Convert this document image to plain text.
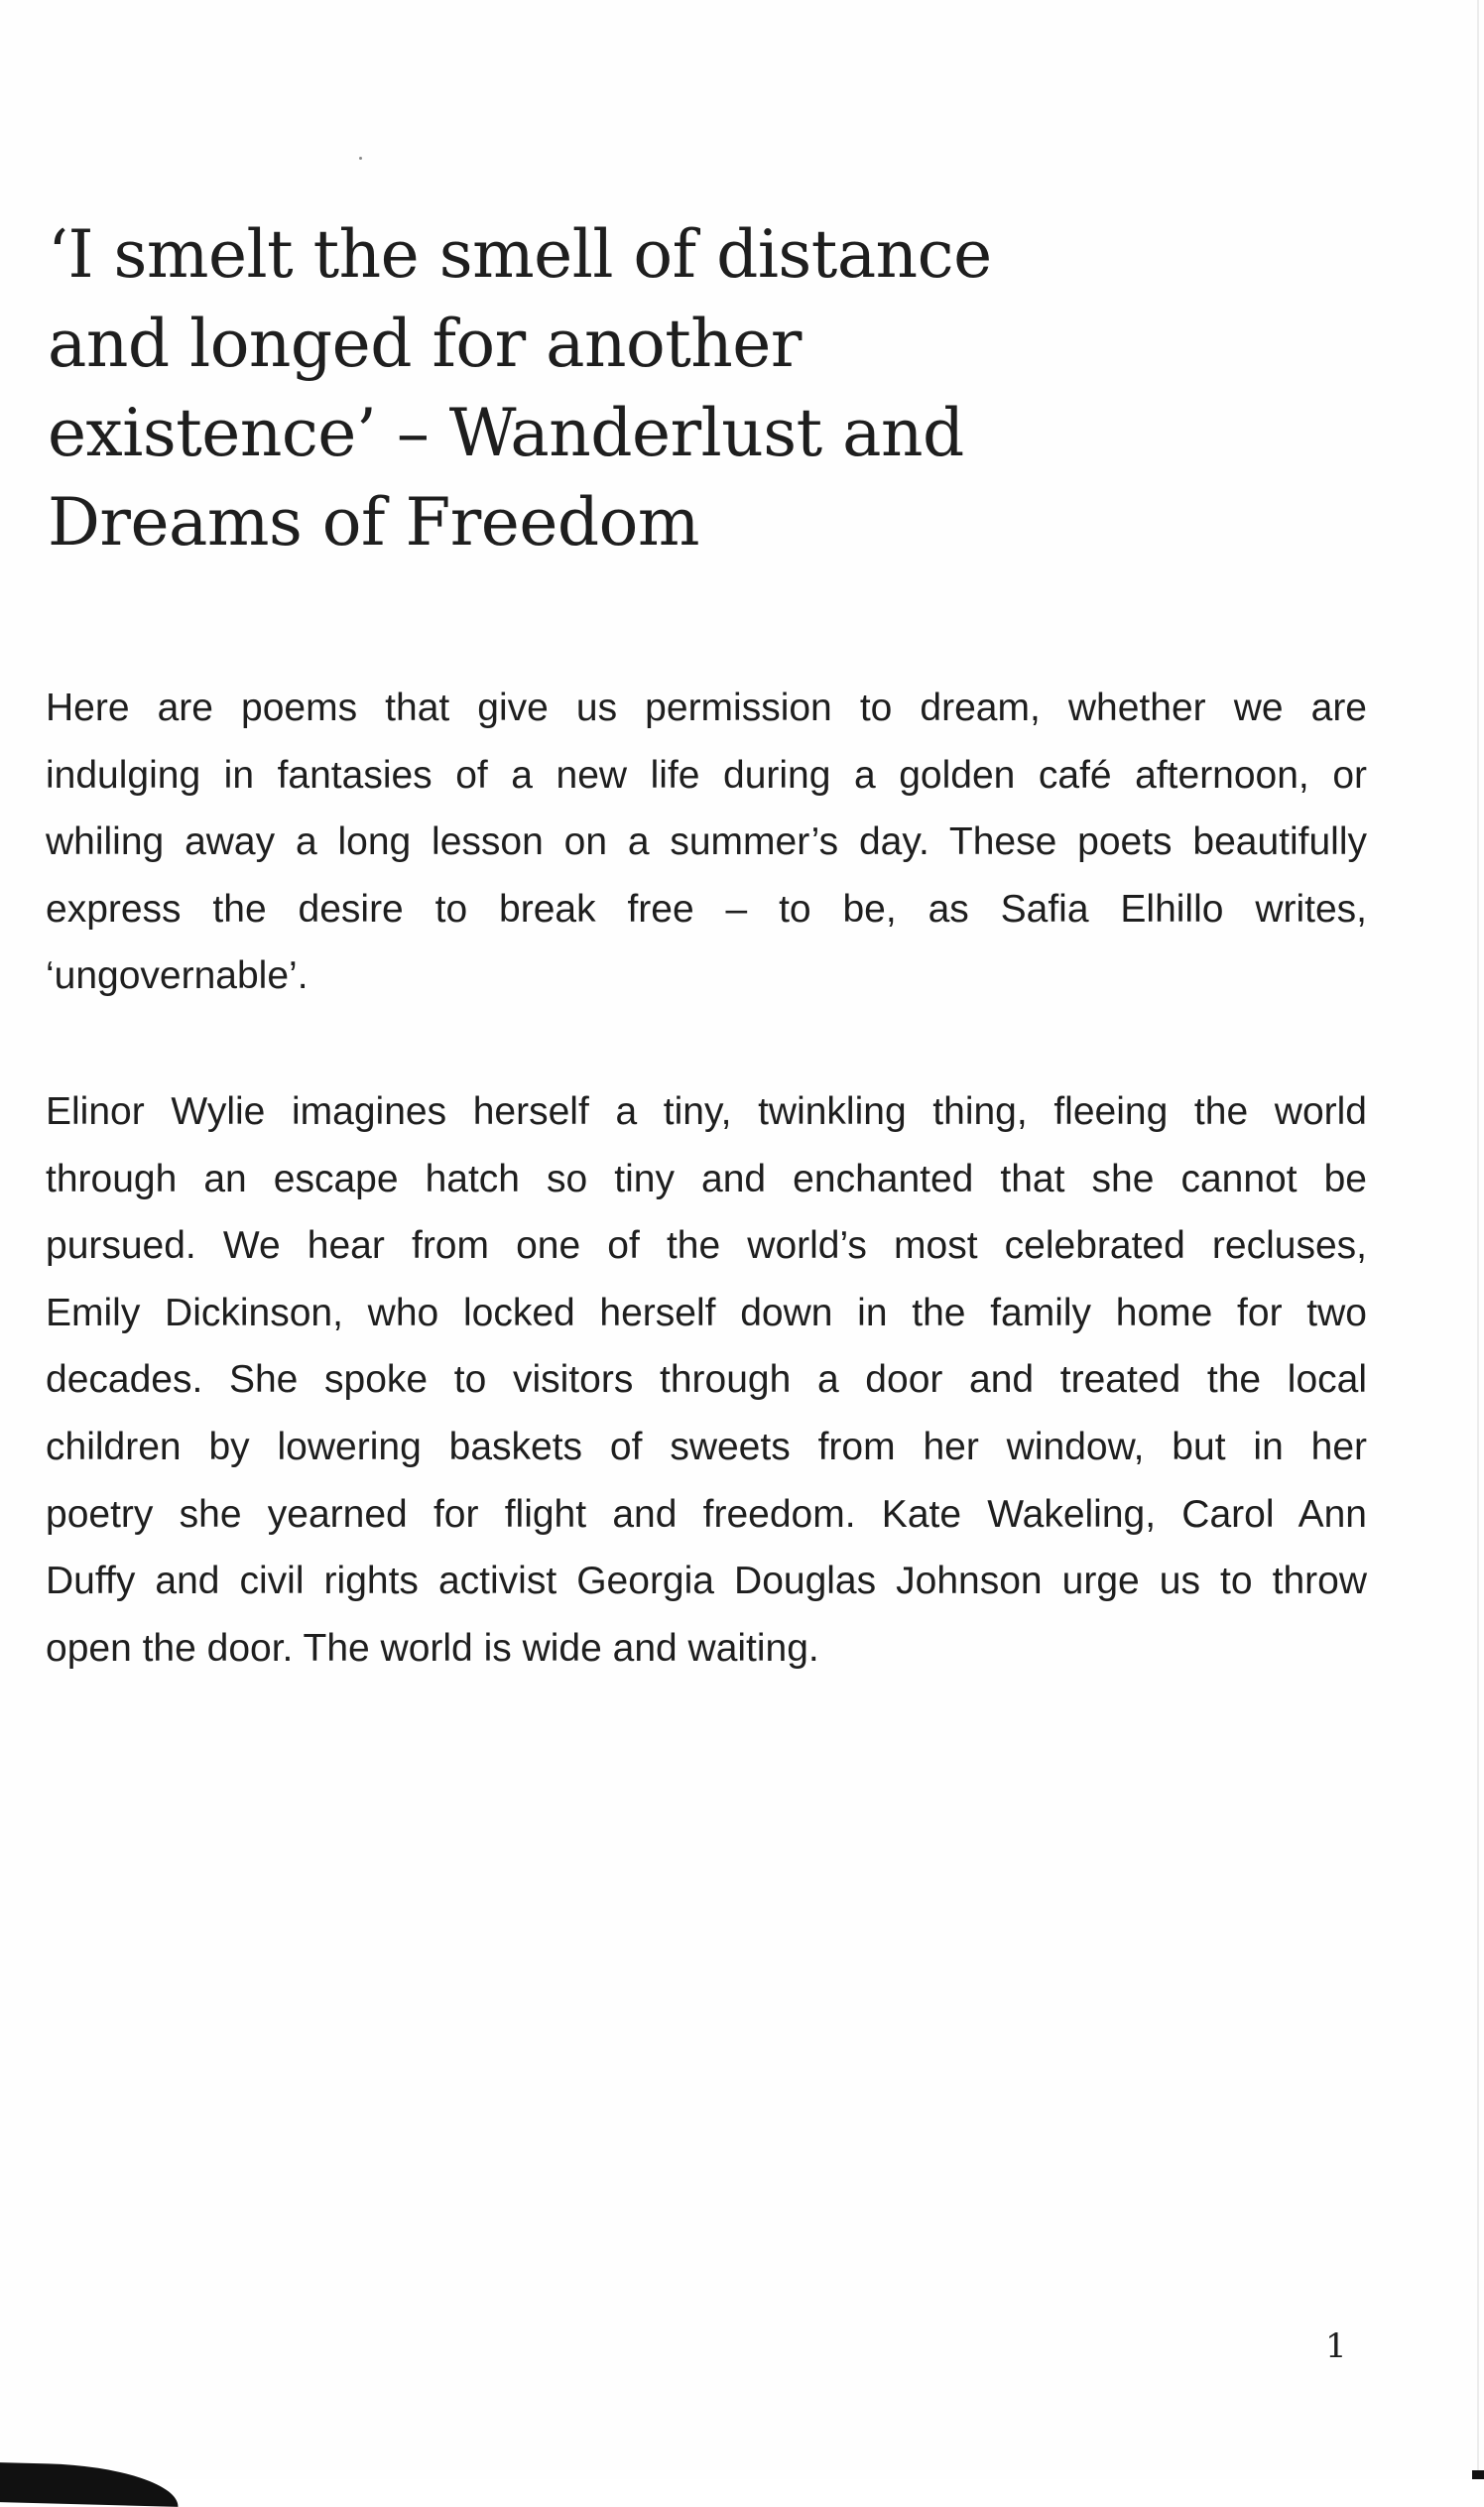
‘I smelt the smell of distance
and longed for another
existence’ – Wanderlust and
Dreams of Freedom
Here are poems that give us permission to dream, whether we are
indulging in fantasies of a new life during a golden café afternoon, or
whiling away a long lesson on a summer’s day. These poets beautifully
express the desire to break free – to be, as Safia Elhillo writes,
‘ungovernable’.
Elinor Wylie imagines herself a tiny, twinkling thing, fleeing the world
through an escape hatch so tiny and enchanted that she cannot be
pursued. We hear from one of the world’s most celebrated recluses,
Emily Dickinson, who locked herself down in the family home for two
decades. She spoke to visitors through a door and treated the local
children by lowering baskets of sweets from her window, but in her
poetry she yearned for flight and freedom. Kate Wakeling, Carol Ann
Duffy and civil rights activist Georgia Douglas Johnson urge us to throw
open the door. The world is wide and waiting.
1
